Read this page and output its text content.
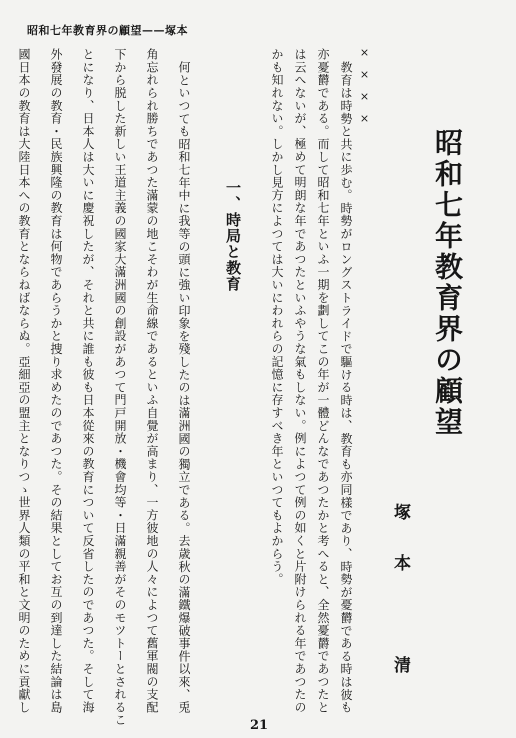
昭和七年教育界の顧望——塚本
昭和七年教育界の顧望
塚本　清
××××
教育は時勢と共に歩む。時勢がロングストライドで驅ける時は、教育も亦同樣であり、時勢が憂欝である時は彼も
亦憂欝である。而して昭和七年といふ一期を劃してこの年が一體どんなであつたかと考へると、全然憂欝であつたと
は云へないが、極めて明朗な年であつたといふやうな氣もしない。例によつて例の如くと片附けられる年であつたの
かも知れない。しかし見方によつては大いにわれらの記憶に存すべき年といつてもよからう。
一、時局と教育
何といつても昭和七年中に我等の頭に強い印象を殘したのは滿洲國の獨立である。去歳秋の滿鐵爆破事件以來、兎
角忘れられ勝ちであつた滿蒙の地こそわが生命線であるといふ自覺が高まり、一方彼地の人々によつて舊軍閥の支配
下から脱した新しい王道主義の國家大滿洲國の創設があつて門戸開放・機會均等・日滿親善がそのモツトーとされるこ
とになり、日本人は大いに慶祝したが、それと共に誰も彼も日本從來の教育について反省したのであつた。そして海
外發展の教育・民族興隆の教育は何物であらうかと捜り求めたのであつた。その結果としてお互の到達した結論は島
國日本の教育は大陸日本への教育とならねばならぬ。亞細亞の盟主となりつゝ世界人類の平和と文明のために貢獻し
21
